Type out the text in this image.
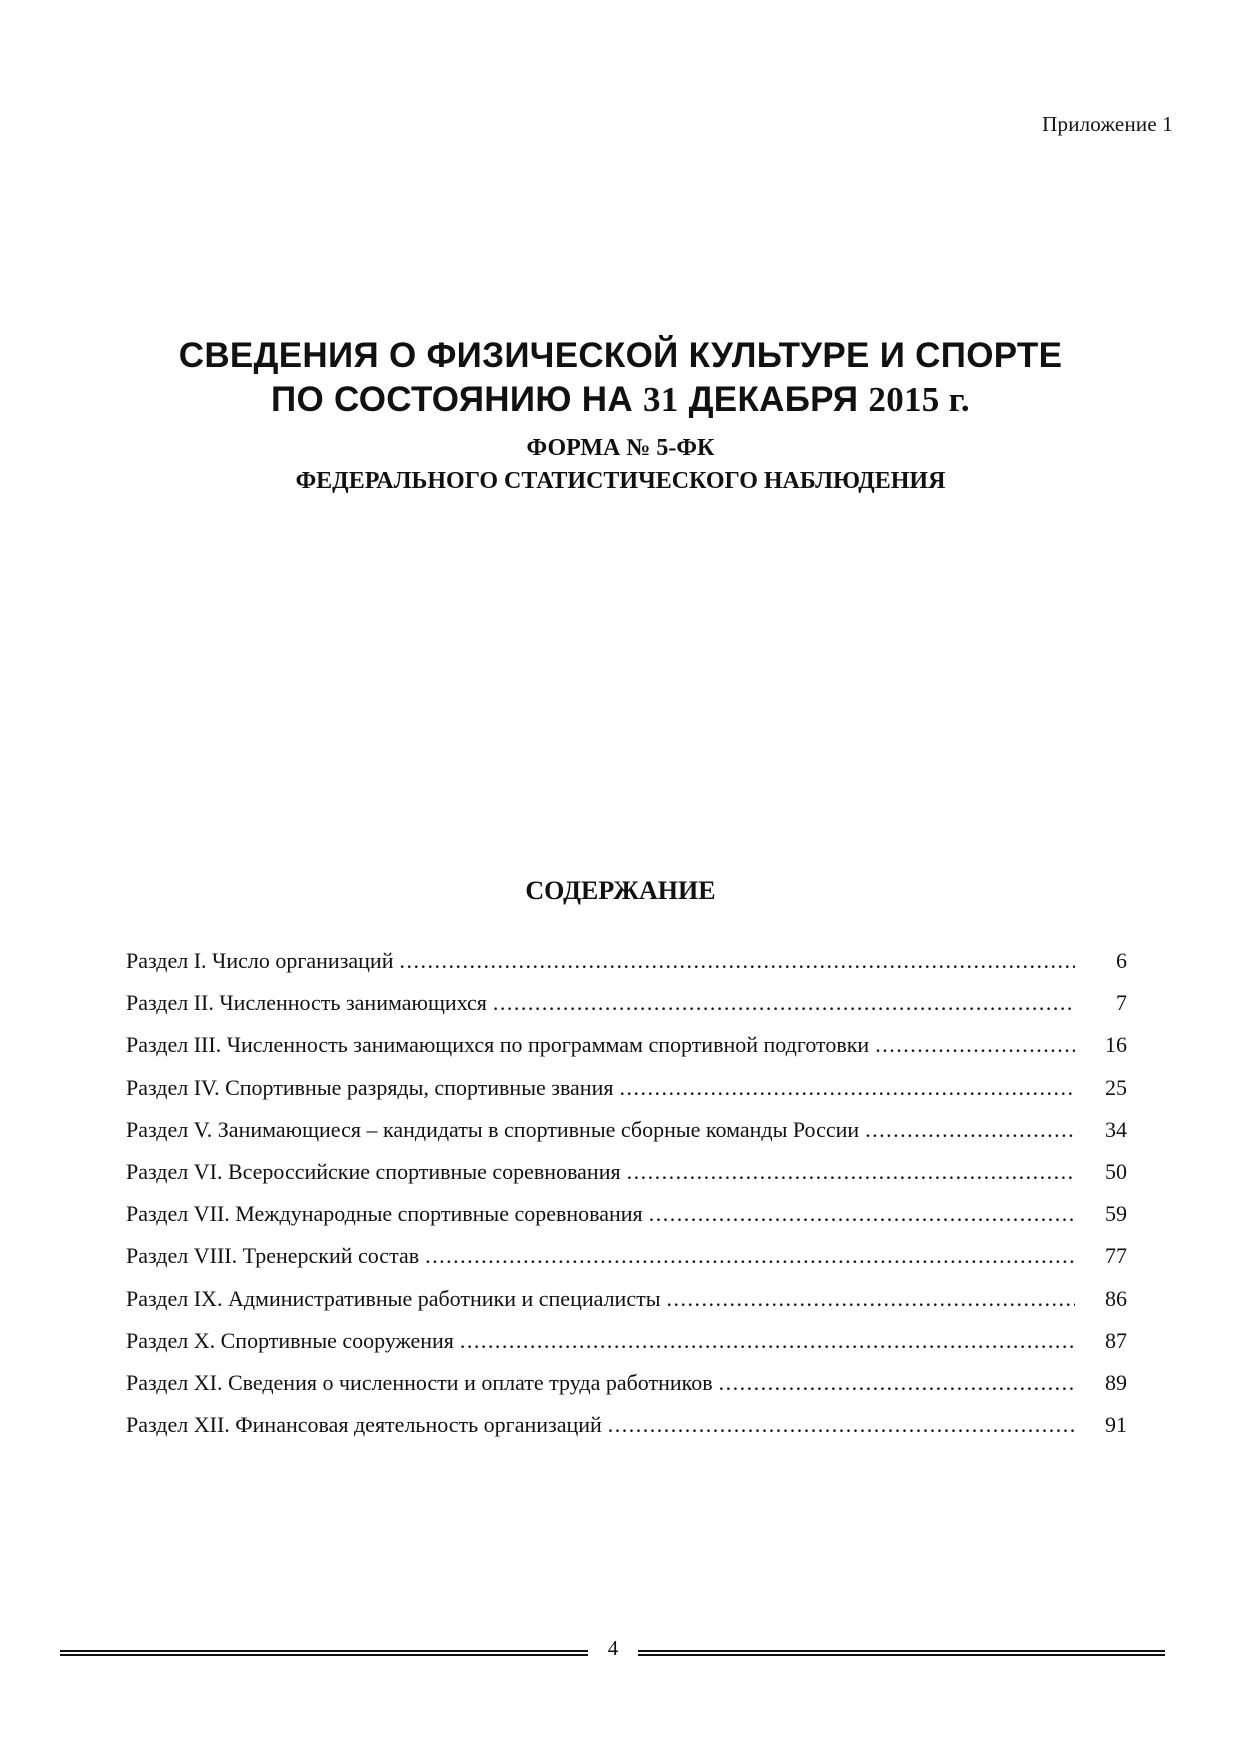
Приложение 1
СВЕДЕНИЯ О ФИЗИЧЕСКОЙ КУЛЬТУРЕ И СПОРТЕ
ПО СОСТОЯНИЮ НА 31 ДЕКАБРЯ 2015 г.
ФОРМА № 5-ФК
ФЕДЕРАЛЬНОГО СТАТИСТИЧЕСКОГО НАБЛЮДЕНИЯ
СОДЕРЖАНИЕ
Раздел I. Число организаций .....	6
Раздел II. Численность занимающихся .....	7
Раздел III. Численность занимающихся по программам спортивной подготовки .....	16
Раздел IV. Спортивные разряды, спортивные звания .....	25
Раздел V. Занимающиеся – кандидаты в спортивные сборные команды России .....	34
Раздел VI. Всероссийские спортивные соревнования .....	50
Раздел VII. Международные спортивные соревнования .....	59
Раздел VIII. Тренерский состав .....	77
Раздел IX. Административные работники и специалисты .....	86
Раздел X. Спортивные сооружения .....	87
Раздел XI. Сведения о численности и оплате труда работников .....	89
Раздел XII. Финансовая деятельность организаций .....	91
4
